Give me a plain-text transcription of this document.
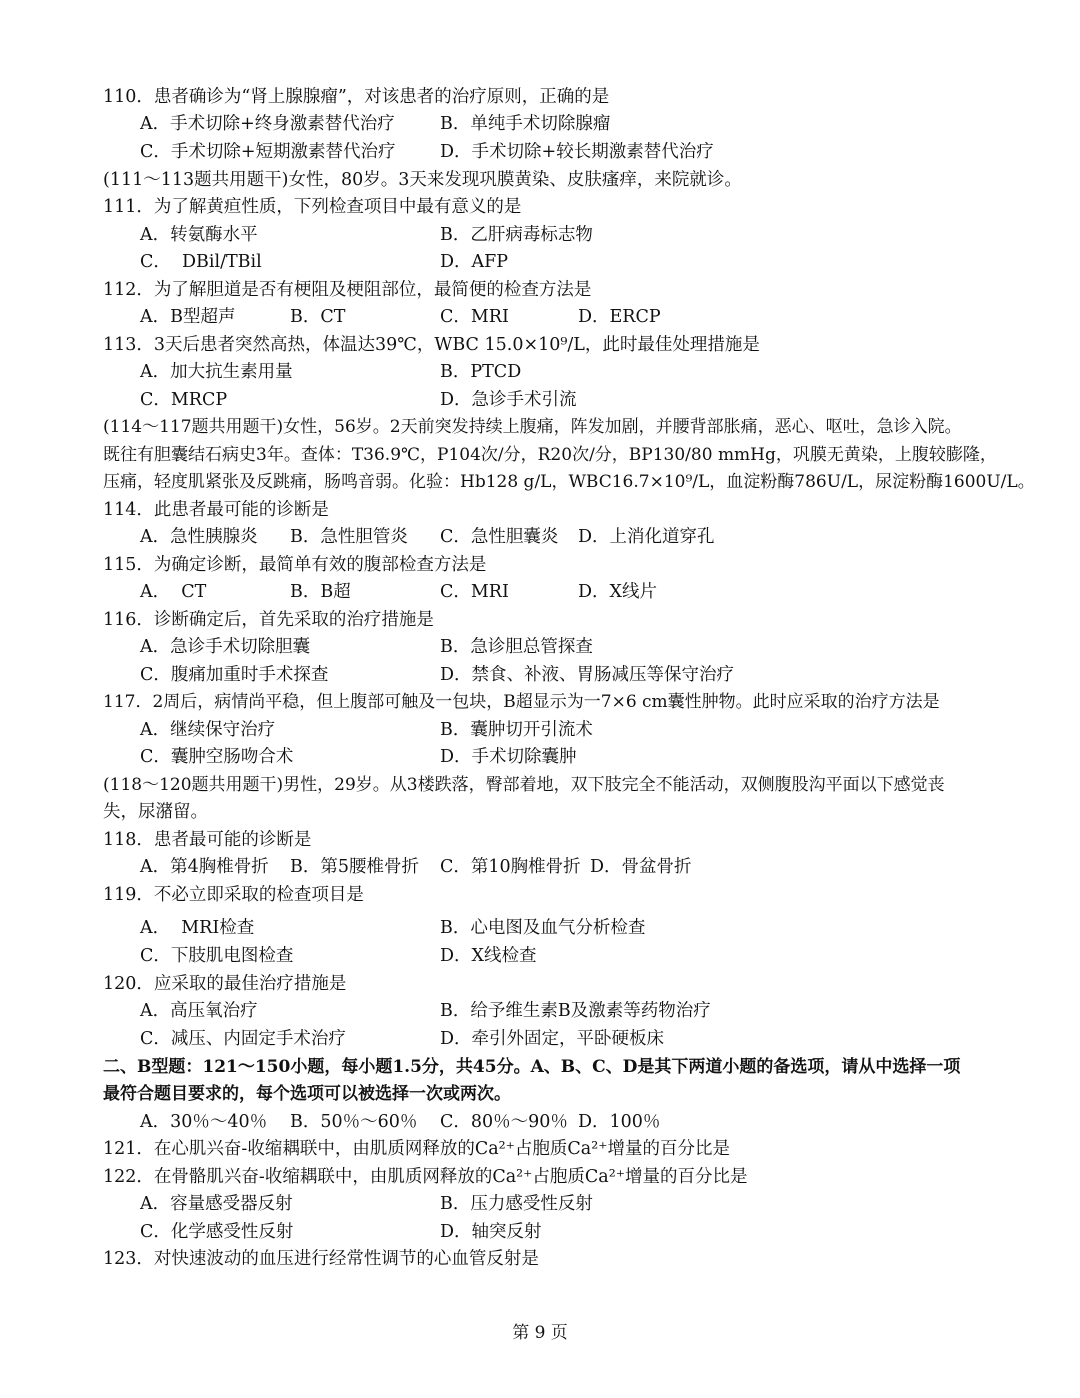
110．患者确诊为“肾上腺腺瘤”，对该患者的治疗原则，正确的是
A．手术切除+终身激素替代治疗	B．单纯手术切除腺瘤
C．手术切除+短期激素替代治疗	D．手术切除+较长期激素替代治疗
(111～113题共用题干)女性，80岁。3天来发现巩膜黄染、皮肤瘙痒，来院就诊。
111．为了解黄疸性质，下列检查项目中最有意义的是
A．转氨酶水平	B．乙肝病毒标志物
C．  DBil/TBil	D．AFP
112．为了解胆道是否有梗阻及梗阻部位，最简便的检查方法是
A．B型超声	B．CT	C．MRI	D．ERCP
113．3天后患者突然高热，体温达39℃，WBC 15.0×10⁹/L，此时最佳处理措施是
A．加大抗生素用量	B．PTCD
C．MRCP	D．急诊手术引流
(114～117题共用题干)女性，56岁。2天前突发持续上腹痛，阵发加剧，并腰背部胀痛，恶心、呕吐，急诊入院。
既往有胆囊结石病史3年。查体：T36.9℃，P104次/分，R20次/分，BP130/80 mmHg，巩膜无黄染，上腹较膨隆，
压痛，轻度肌紧张及反跳痛，肠鸣音弱。化验：Hb128 g/L，WBC16.7×10⁹/L，血淀粉酶786U/L，尿淀粉酶1600U/L。
114．此患者最可能的诊断是
A．急性胰腺炎 B．急性胆管炎 C．急性胆囊炎 D．上消化道穿孔
115．为确定诊断，最简单有效的腹部检查方法是
A．  CT	B．B超	C．MRI	D．X线片
116．诊断确定后，首先采取的治疗措施是
A．急诊手术切除胆囊	B．急诊胆总管探查
C．腹痛加重时手术探查	D．禁食、补液、胃肠减压等保守治疗
117．2周后，病情尚平稳，但上腹部可触及一包块，B超显示为一7×6 cm囊性肿物。此时应采取的治疗方法是
A．继续保守治疗	B．囊肿切开引流术
C．囊肿空肠吻合术	D．手术切除囊肿
(118～120题共用题干)男性，29岁。从3楼跌落，臀部着地，双下肢完全不能活动，双侧腹股沟平面以下感觉丧
失，尿潴留。
118．患者最可能的诊断是
A．第4胸椎骨折 B．第5腰椎骨折 C．第10胸椎骨折 D．骨盆骨折
119．不必立即采取的检查项目是
A．  MRI检查	B．心电图及血气分析检查
C．下肢肌电图检查	D．X线检查
120．应采取的最佳治疗措施是
A．高压氧治疗	B．给予维生素B及激素等药物治疗
C．减压、内固定手术治疗	D．牵引外固定，平卧硬板床
二、B型题：121～150小题，每小题1.5分，共45分。A、B、C、D是其下两道小题的备选项，请从中选择一项
最符合题目要求的，每个选项可以被选择一次或两次。
A．30％～40％ B．50％～60％ C．80％～90％ D．100％
121．在心肌兴奋-收缩耦联中，由肌质网释放的Ca²⁺占胞质Ca²⁺增量的百分比是
122．在骨骼肌兴奋-收缩耦联中，由肌质网释放的Ca²⁺占胞质Ca²⁺增量的百分比是
A．容量感受器反射	B．压力感受性反射
C．化学感受性反射	D．轴突反射
123．对快速波动的血压进行经常性调节的心血管反射是
第 9 页
